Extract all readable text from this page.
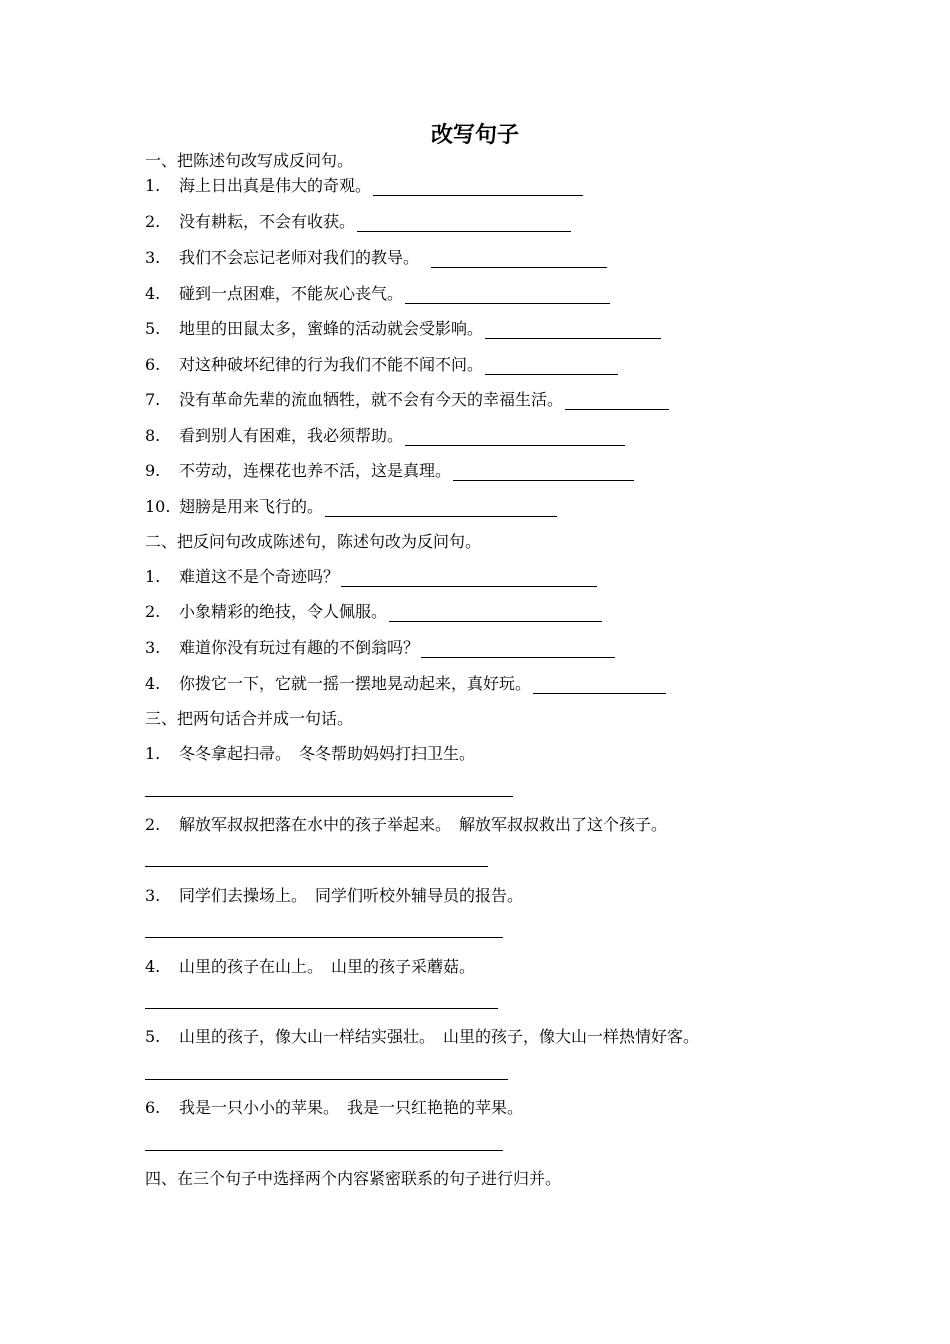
改写句子
一、把陈述句改写成反问句。
1. 海上日出真是伟大的奇观。
2. 没有耕耘，不会有收获。
3. 我们不会忘记老师对我们的教导。
4. 碰到一点困难，不能灰心丧气。
5. 地里的田鼠太多，蜜蜂的活动就会受影响。
6. 对这种破坏纪律的行为我们不能不闻不问。
7. 没有革命先辈的流血牺牲，就不会有今天的幸福生活。
8. 看到别人有困难，我必须帮助。
9. 不劳动，连棵花也养不活，这是真理。
10. 翅膀是用来飞行的。
二、把反问句改成陈述句，陈述句改为反问句。
1. 难道这不是个奇迹吗？
2. 小象精彩的绝技，令人佩服。
3. 难道你没有玩过有趣的不倒翁吗？
4. 你拨它一下，它就一摇一摆地晃动起来，真好玩。
三、把两句话合并成一句话。
1. 冬冬拿起扫帚。　冬冬帮助妈妈打扫卫生。
2. 解放军叔叔把落在水中的孩子举起来。　解放军叔叔救出了这个孩子。
3. 同学们去操场上。　同学们听校外辅导员的报告。
4. 山里的孩子在山上。　山里的孩子采蘑菇。
5. 山里的孩子，像大山一样结实强壮。　山里的孩子，像大山一样热情好客。
6. 我是一只小小的苹果。　我是一只红艳艳的苹果。
四、在三个句子中选择两个内容紧密联系的句子进行归并。
